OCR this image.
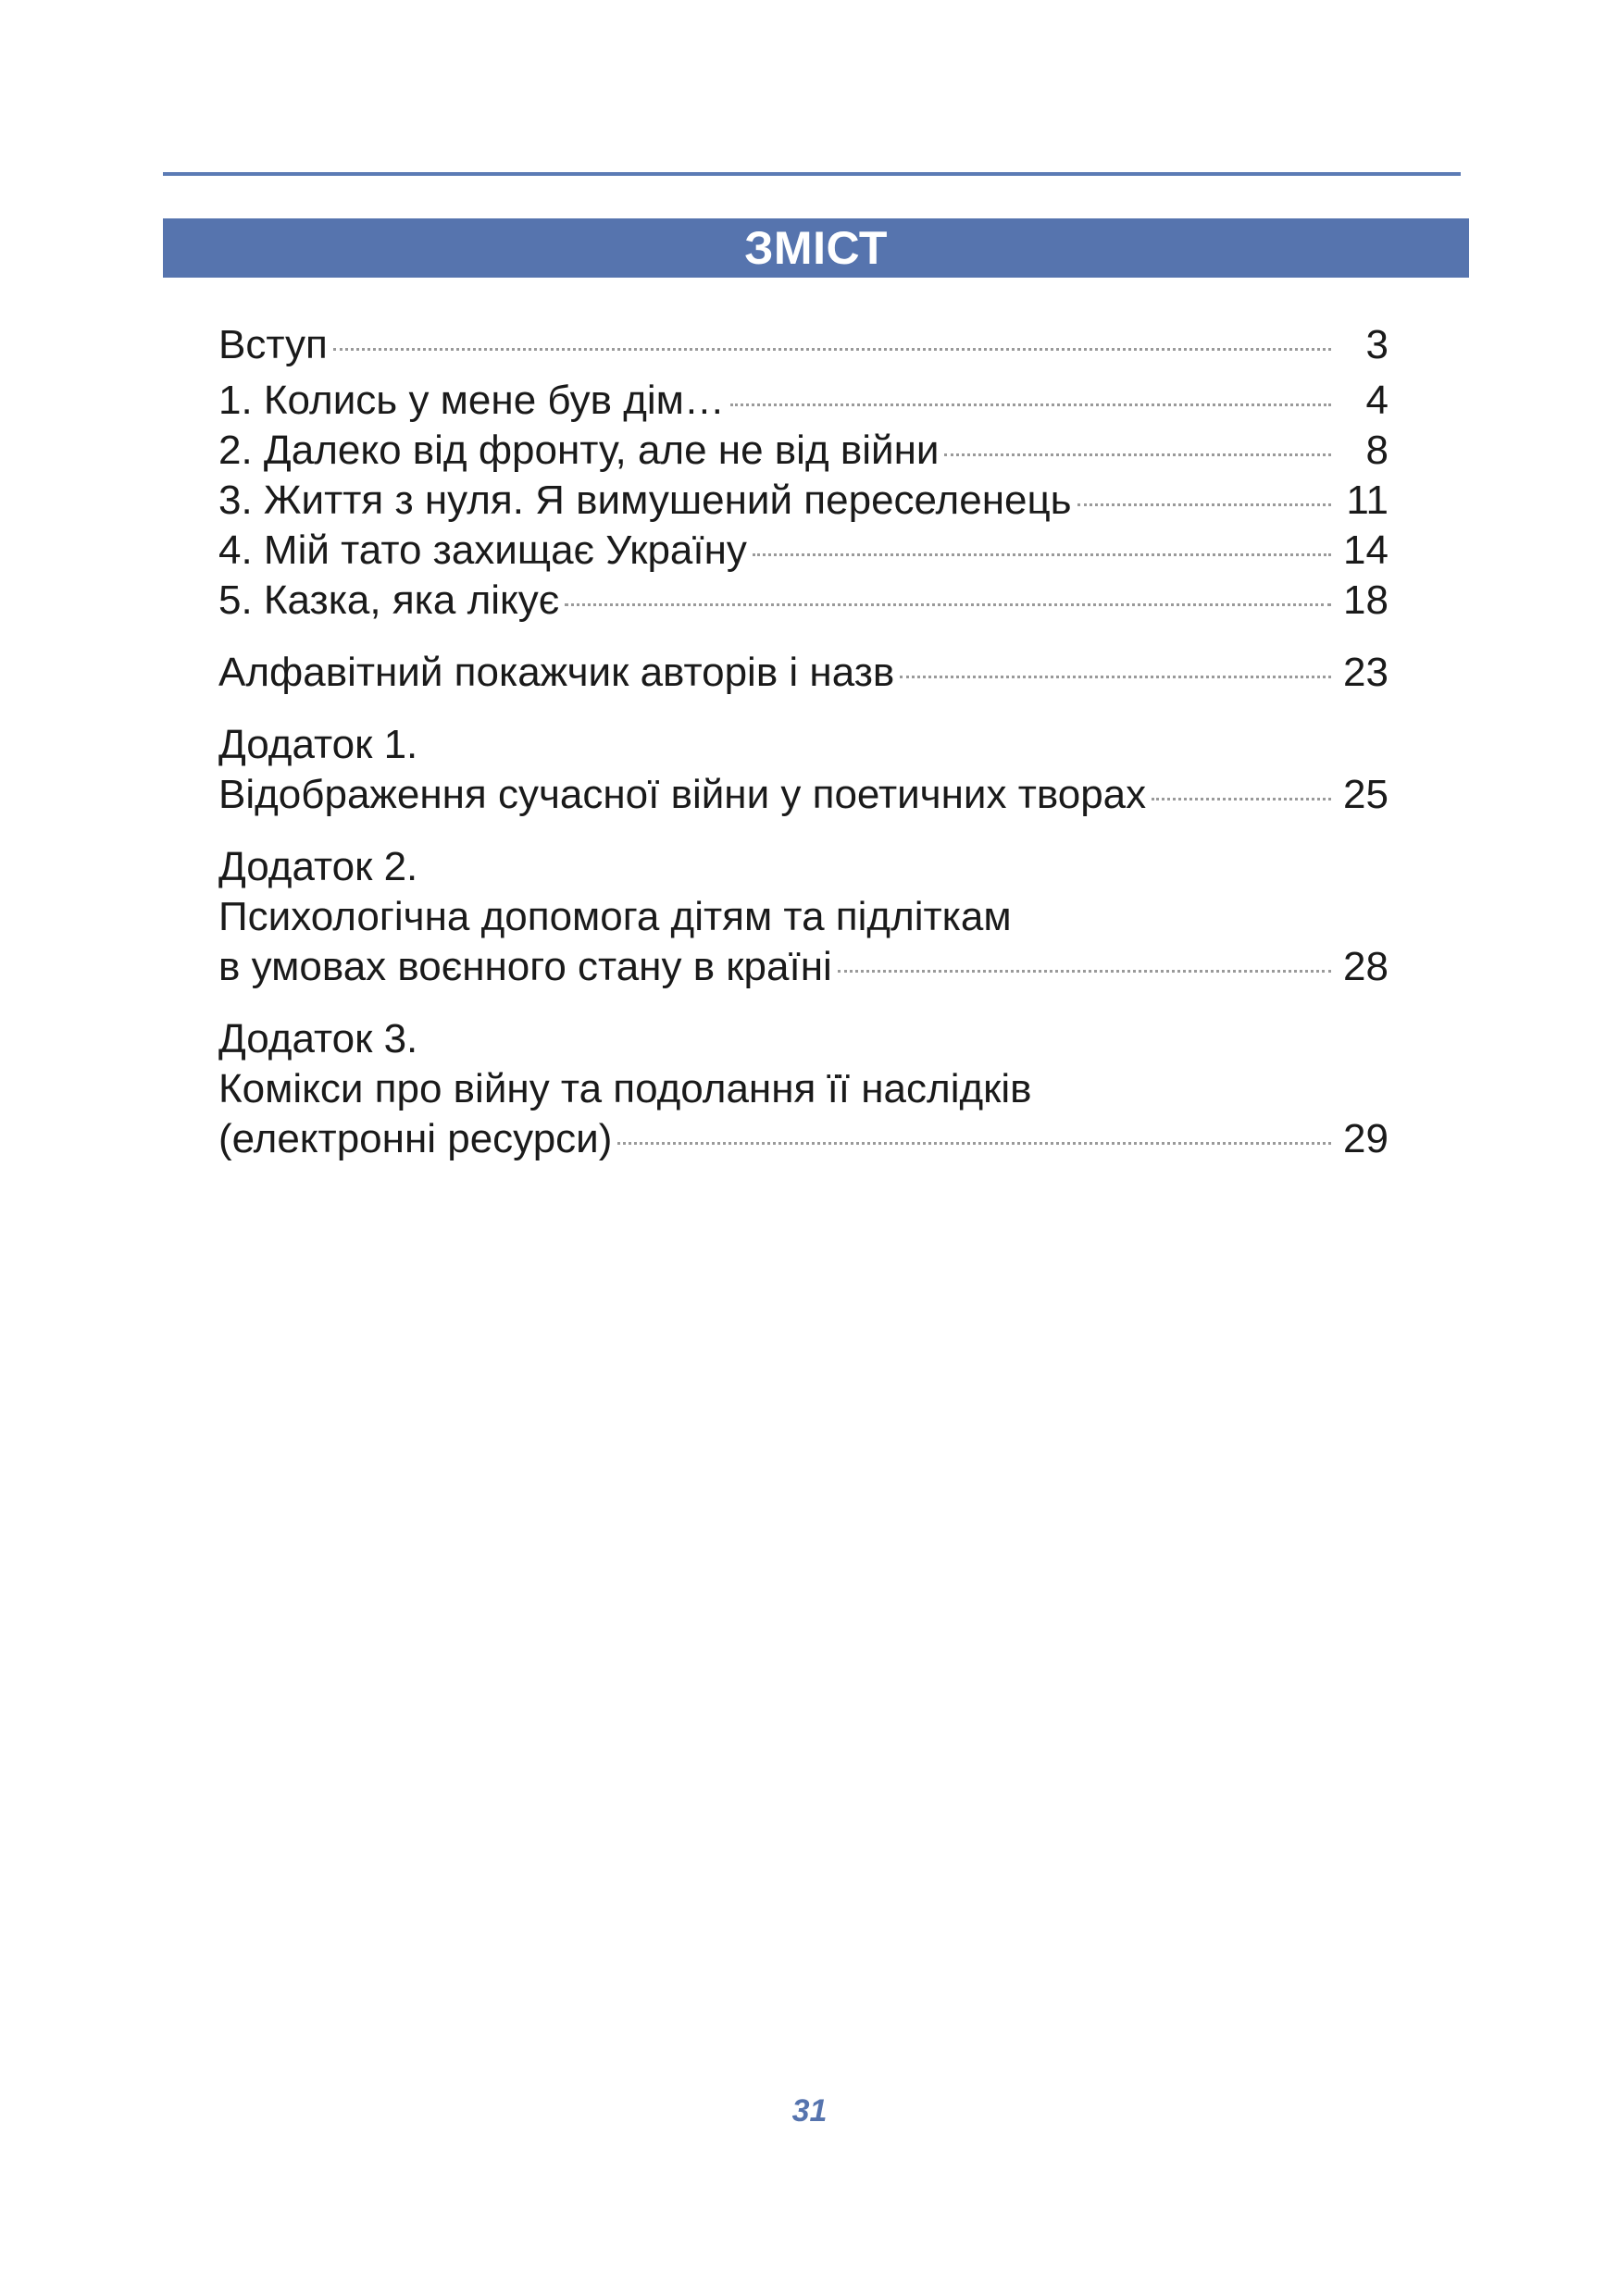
ЗМІСТ
Вступ	3
1. Колись у мене був дім…	4
2. Далеко від фронту, але не від війни	8
3. Життя з нуля. Я вимушений переселенець	11
4. Мій тато захищає Україну	14
5. Казка, яка лікує	18
Алфавітний покажчик авторів і назв	23
Додаток 1.
Відображення сучасної війни у поетичних творах	25
Додаток 2.
Психологічна допомога дітям та підліткам
в умовах воєнного стану в країні	28
Додаток 3.
Комікси про війну та подолання її наслідків
(електронні ресурси)	29
31
